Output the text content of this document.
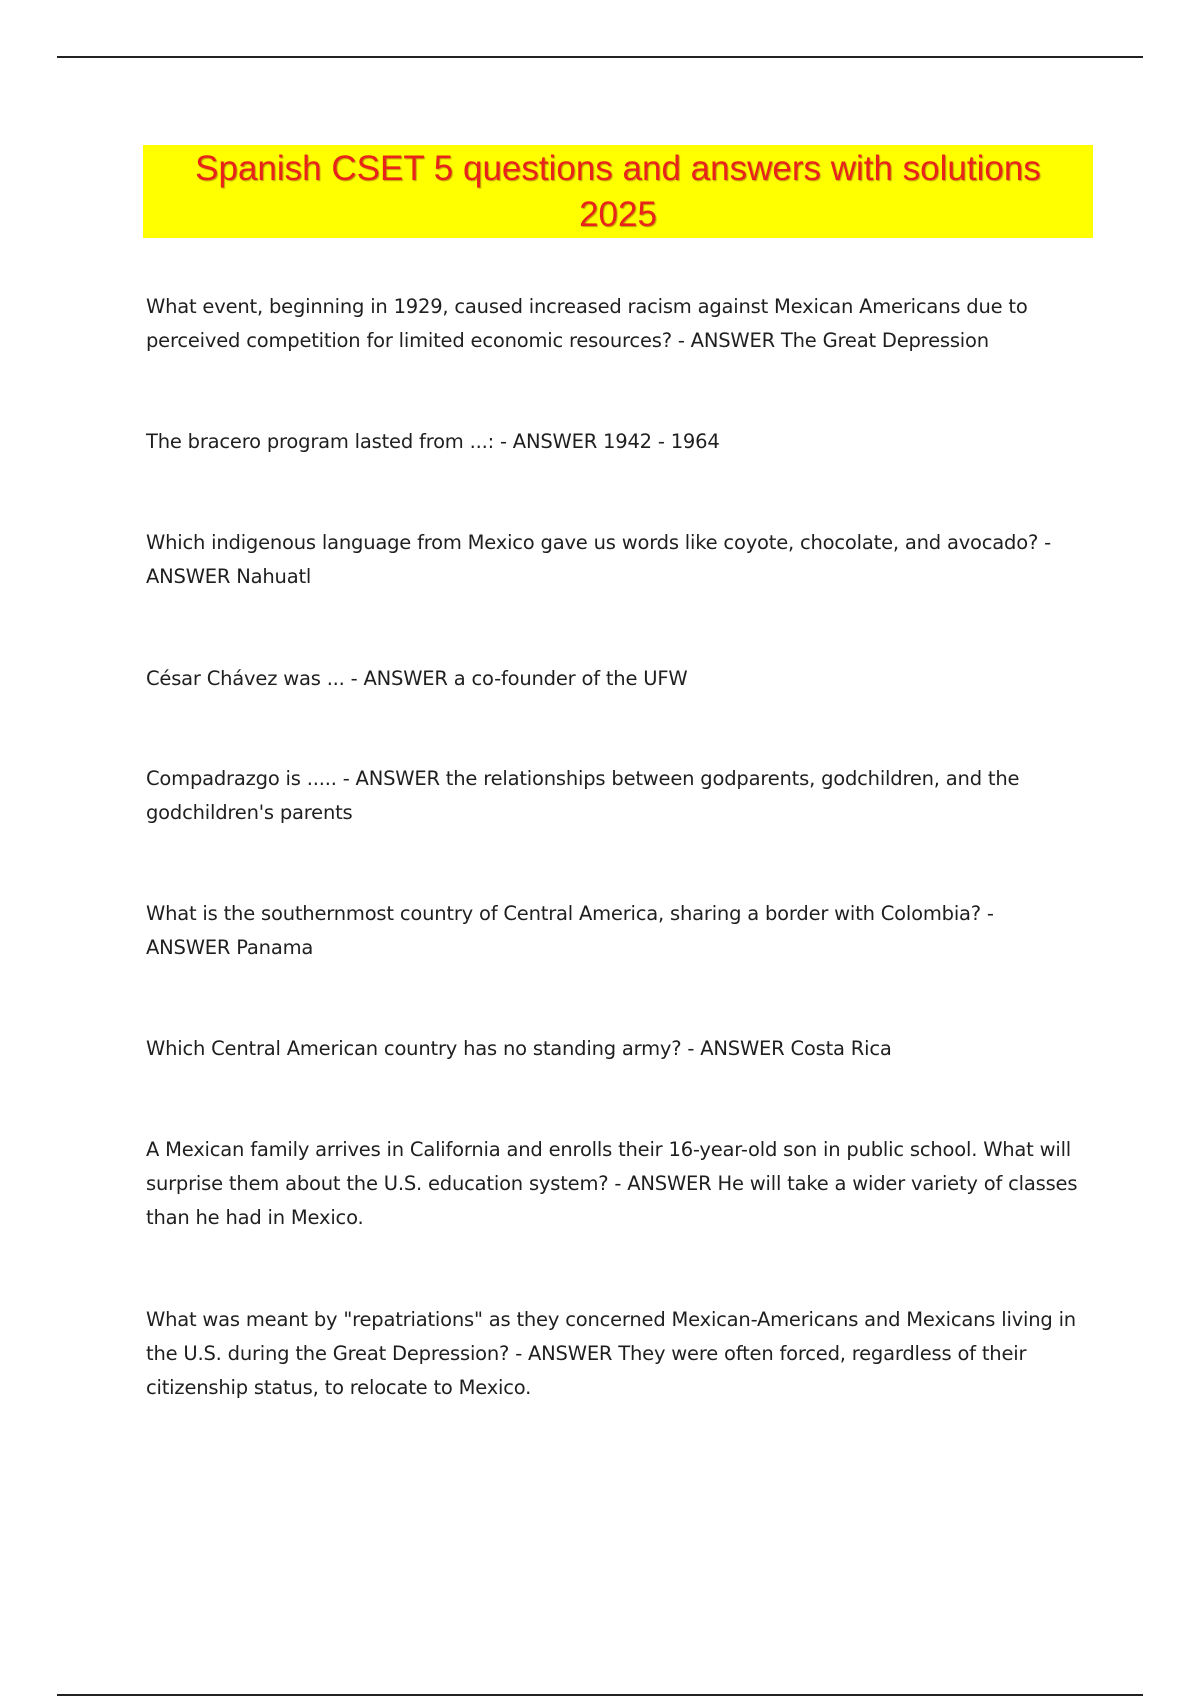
Spanish CSET 5 questions and answers with solutions 2025

What event, beginning in 1929, caused increased racism against Mexican Americans due to perceived competition for limited economic resources? - ANSWER The Great Depression

The bracero program lasted from ...: - ANSWER 1942 - 1964

Which indigenous language from Mexico gave us words like coyote, chocolate, and avocado? - ANSWER Nahuatl

César Chávez was ... - ANSWER a co-founder of the UFW

Compadrazgo is ..... - ANSWER the relationships between godparents, godchildren, and the godchildren's parents

What is the southernmost country of Central America, sharing a border with Colombia? - ANSWER Panama

Which Central American country has no standing army? - ANSWER Costa Rica

A Mexican family arrives in California and enrolls their 16-year-old son in public school. What will surprise them about the U.S. education system? - ANSWER He will take a wider variety of classes than he had in Mexico.

What was meant by "repatriations" as they concerned Mexican-Americans and Mexicans living in the U.S. during the Great Depression? - ANSWER They were often forced, regardless of their citizenship status, to relocate to Mexico.
